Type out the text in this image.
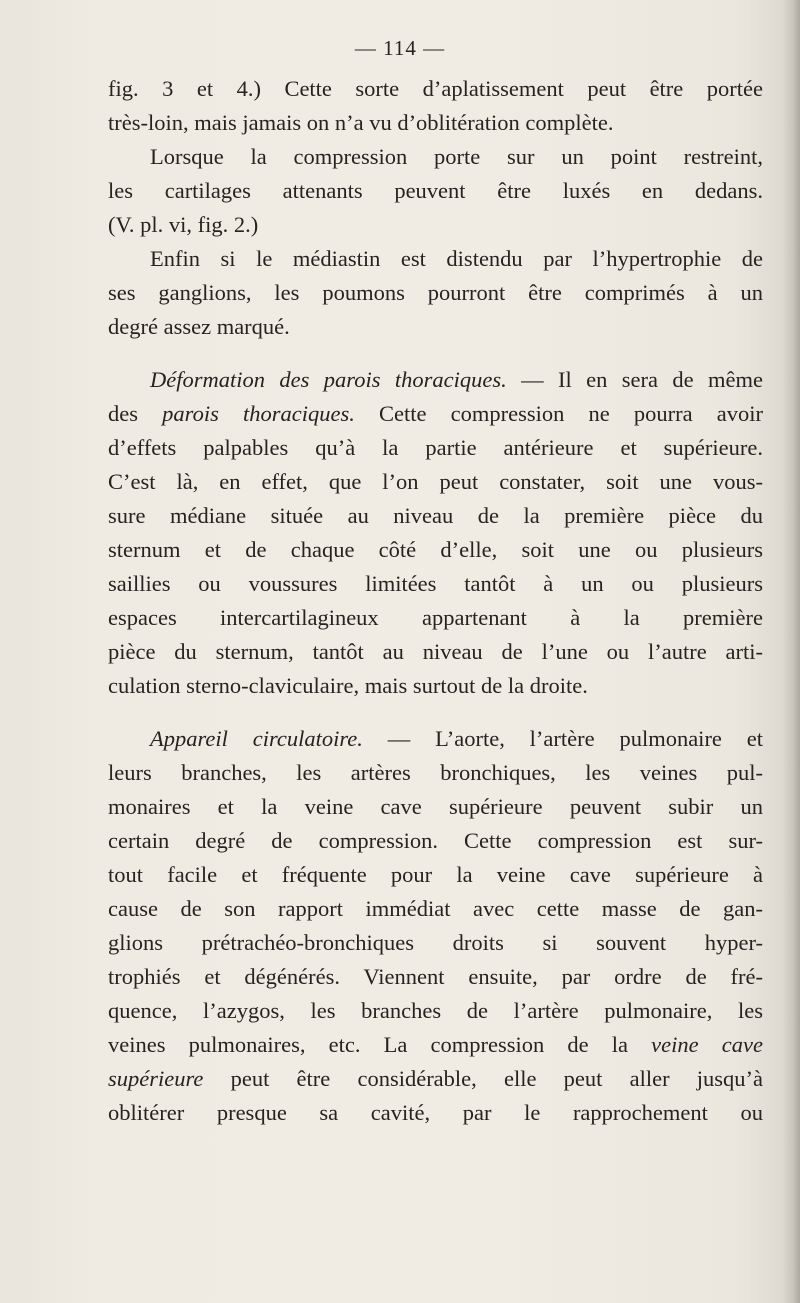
— 114 —

fig. 3 et 4.) Cette sorte d’aplatissement peut être portée

très-loin, mais jamais on n’a vu d’oblitération complète.

Lorsque la compression porte sur un point restreint,

les cartilages attenants peuvent être luxés en dedans.

(V. pl. vi, fig. 2.)

Enfin si le médiastin est distendu par l’hypertrophie de

ses ganglions, les poumons pourront être comprimés à un

degré assez marqué.

Déformation des parois thoraciques. — Il en sera de même

des parois thoraciques. Cette compression ne pourra avoir

d’effets palpables qu’à la partie antérieure et supérieure.

C’est là, en effet, que l’on peut constater, soit une vous-

sure médiane située au niveau de la première pièce du

sternum et de chaque côté d’elle, soit une ou plusieurs

saillies ou voussures limitées tantôt à un ou plusieurs

espaces intercartilagineux appartenant à la première

pièce du sternum, tantôt au niveau de l’une ou l’autre arti-

culation sterno-claviculaire, mais surtout de la droite.

Appareil circulatoire. — L’aorte, l’artère pulmonaire et

leurs branches, les artères bronchiques, les veines pul-

monaires et la veine cave supérieure peuvent subir un

certain degré de compression. Cette compression est sur-

tout facile et fréquente pour la veine cave supérieure à

cause de son rapport immédiat avec cette masse de gan-

glions prétrachéo-bronchiques droits si souvent hyper-

trophiés et dégénérés. Viennent ensuite, par ordre de fré-

quence, l’azygos, les branches de l’artère pulmonaire, les

veines pulmonaires, etc. La compression de la veine cave

supérieure peut être considérable, elle peut aller jusqu’à

oblitérer presque sa cavité, par le rapprochement ou
